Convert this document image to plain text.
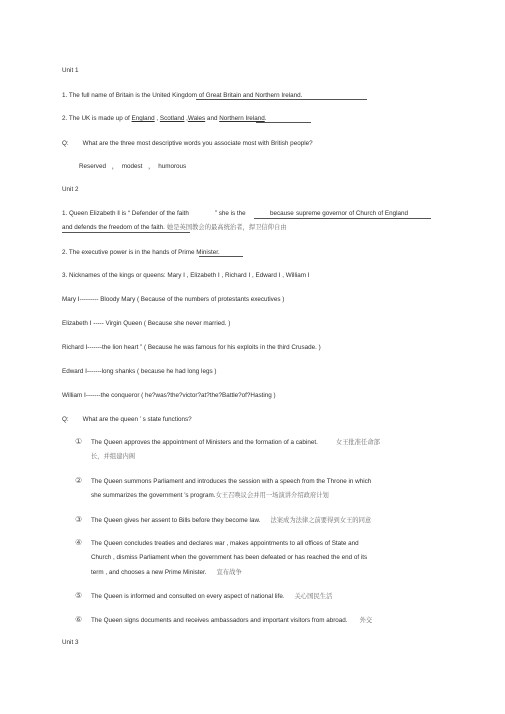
Unit 1
1. The full name of Britain is the United Kingdom of Great Britain and Northern Ireland.
2. The UK is made up of England , Scotland ,Wales and Northern Ireland.
Q: What are the three most descriptive words you associate most with British people?
Reserved ， modest ， humorous
Unit 2
1. Queen Elizabeth ‖ is “ Defender of the faith	” she is the	because supreme governor of Church of England
and defends the freedom of the faith. 她是英国教会的最高统治者，捍卫信仰自由
2. The executive power is in the hands of Prime Minister.
3. Nicknames of the kings or queens: Mary Ⅰ , Elizabeth Ⅰ , Richard Ⅰ , Edward Ⅰ , William Ⅰ
Mary Ⅰ--------- Bloody Mary ( Because of the numbers of protestants executives )
Elizabeth Ⅰ ----- Virgin Queen ( Because she never married. )
Richard Ⅰ-------the lion heart ” ( Because he was famous for his exploits in the third Crusade. )
Edward Ⅰ-------long shanks ( because he had long legs )
William Ⅰ-------the conqueror ( he?was?the?victor?at?the?Battle?of?Hasting )
Q: What are the queen ’ s state functions?
① The Queen approves the appointment of Ministers and the formation of a cabinet.	女王批准任命部
长，并组建内阁
② The Queen summons Parliament and introduces the session with a speech from the Throne in which
she summarizes the government ’s program.女王召唤议会并用一场演讲介绍政府计划
③ The Queen gives her assent to Bills before they become law. 法案成为法律之前要得到女王的同意
④ The Queen concludes treaties and declares war , makes appointments to all offices of State and
Church , dismiss Parliament when the government has been defeated or has reached the end of its
term , and chooses a new Prime Minister. 宣布战争
⑤ The Queen is informed and consulted on every aspect of national life. 关心国民生活
⑥ The Queen signs documents and receives ambassadors and important visitors from abroad. 外交
Unit 3
